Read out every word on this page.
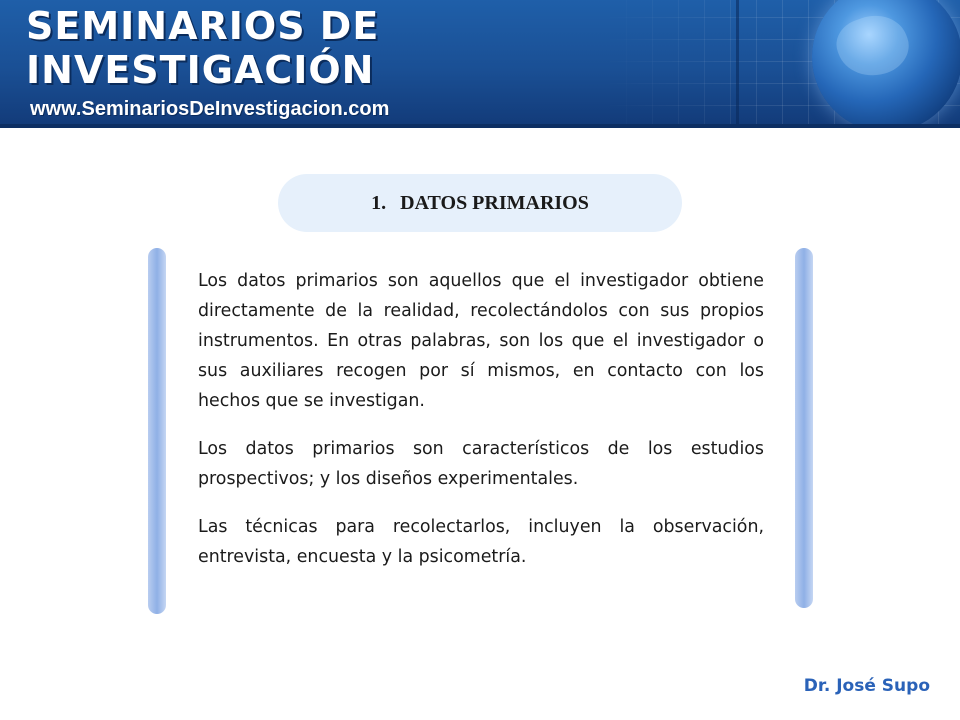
SEMINARIOS DE
INVESTIGACIÓN
www.SeminariosDeInvestigacion.com
1. DATOS PRIMARIOS

Los datos primarios son aquellos que el investigador obtiene directamente de la realidad, recolectándolos con sus propios instrumentos. En otras palabras, son los que el investigador o sus auxiliares recogen por sí mismos, en contacto con los hechos que se investigan.

Los datos primarios son característicos de los estudios prospectivos; y los diseños experimentales.

Las técnicas para recolectarlos, incluyen la observación, entrevista, encuesta y la psicometría.

Dr. José Supo
